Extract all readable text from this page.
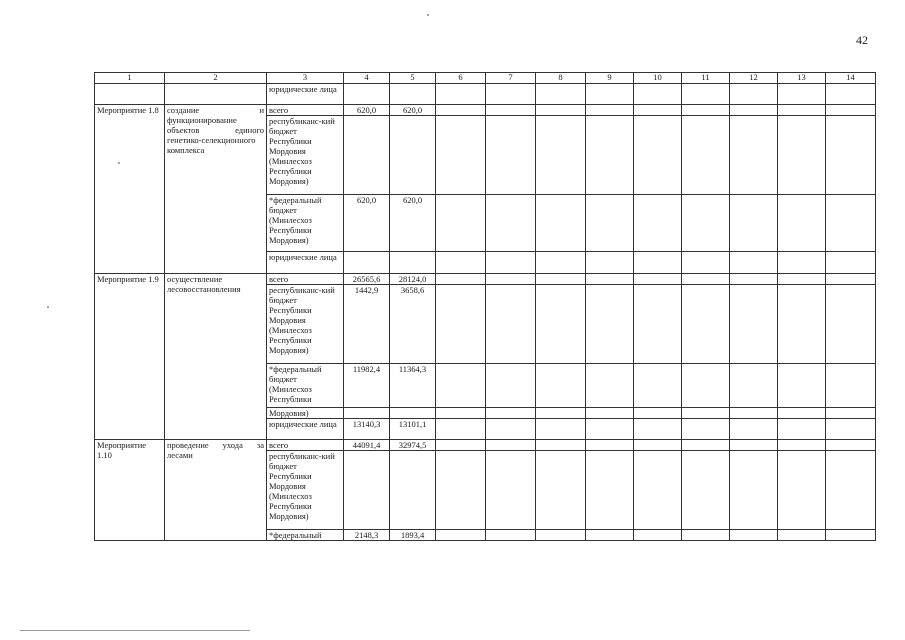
42
1	2	3	4	5	6	7	8	9	10	11	12	13	14
		юридические лица											
Мероприятие 1.8	создание и функционирование объектов единого генетико-селекционного комплекса	всего	620,0	620,0									
		республиканс-кий бюджет Республики Мордовия (Минлесхоз Республики Мордовия)											
		*федеральный бюджет (Минлесхоз Республики Мордовия)	620,0	620,0									
		юридические лица											
Мероприятие 1.9	осуществление лесовосстановления	всего	26565,6	28124,0									
		республиканс-кий бюджет Республики Мордовия (Минлесхоз Республики Мордовия)	1442,9	3658,6									
		*федеральный бюджет (Минлесхоз Республики	11982,4	11364,3									
		Мордовия)											
		юридические лица	13140,3	13101,1									
Мероприятие 1.10	проведение ухода за лесами	всего	44091,4	32974,5									
		республиканс-кий бюджет Республики Мордовия (Минлесхоз Республики Мордовия)											
		*федеральный	2148,3	1893,4									
